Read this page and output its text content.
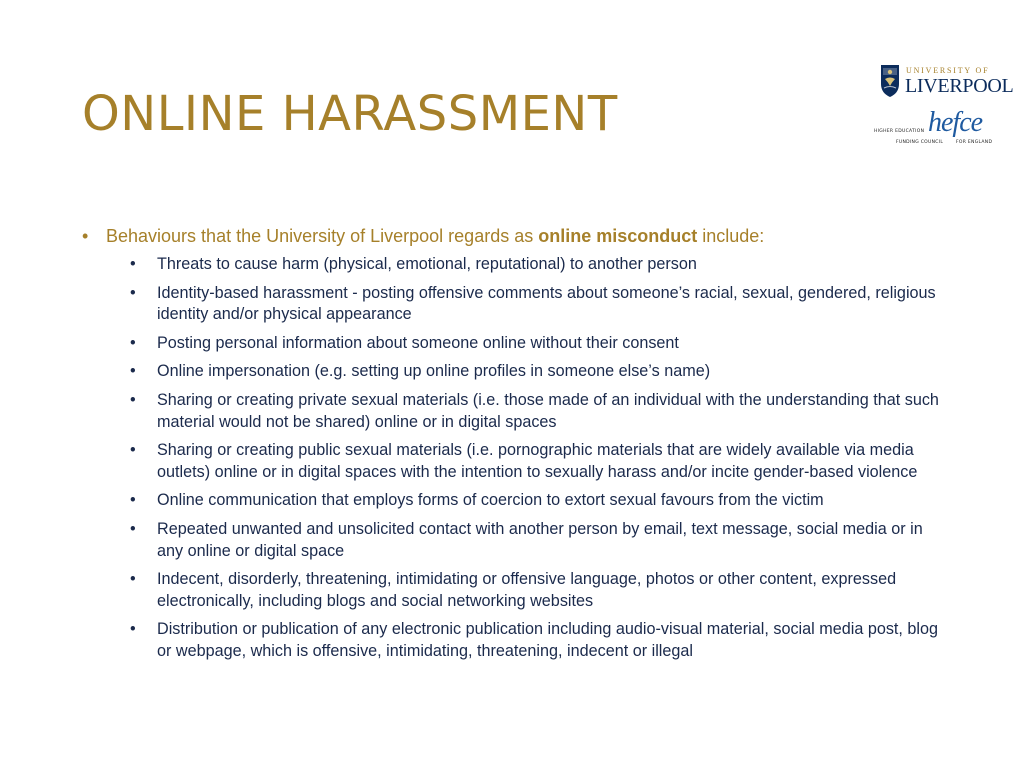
ONLINE HARASSMENT
UNIVERSITY OF
LIVERPOOL
hefce
HIGHER EDUCATION
FUNDING COUNCIL	FOR ENGLAND
• Behaviours that the University of Liverpool regards as online misconduct include:
• Threats to cause harm (physical, emotional, reputational) to another person
• Identity-based harassment - posting offensive comments about someone’s racial, sexual, gendered, religious identity and/or physical appearance
• Posting personal information about someone online without their consent
• Online impersonation (e.g. setting up online profiles in someone else’s name)
• Sharing or creating private sexual materials (i.e. those made of an individual with the understanding that such material would not be shared) online or in digital spaces
• Sharing or creating public sexual materials (i.e. pornographic materials that are widely available via media outlets) online or in digital spaces with the intention to sexually harass and/or incite gender-based violence
• Online communication that employs forms of coercion to extort sexual favours from the victim
• Repeated unwanted and unsolicited contact with another person by email, text message, social media or in any online or digital space
• Indecent, disorderly, threatening, intimidating or offensive language, photos or other content, expressed electronically, including blogs and social networking websites
• Distribution or publication of any electronic publication including audio-visual material, social media post, blog or webpage, which is offensive, intimidating, threatening, indecent or illegal
